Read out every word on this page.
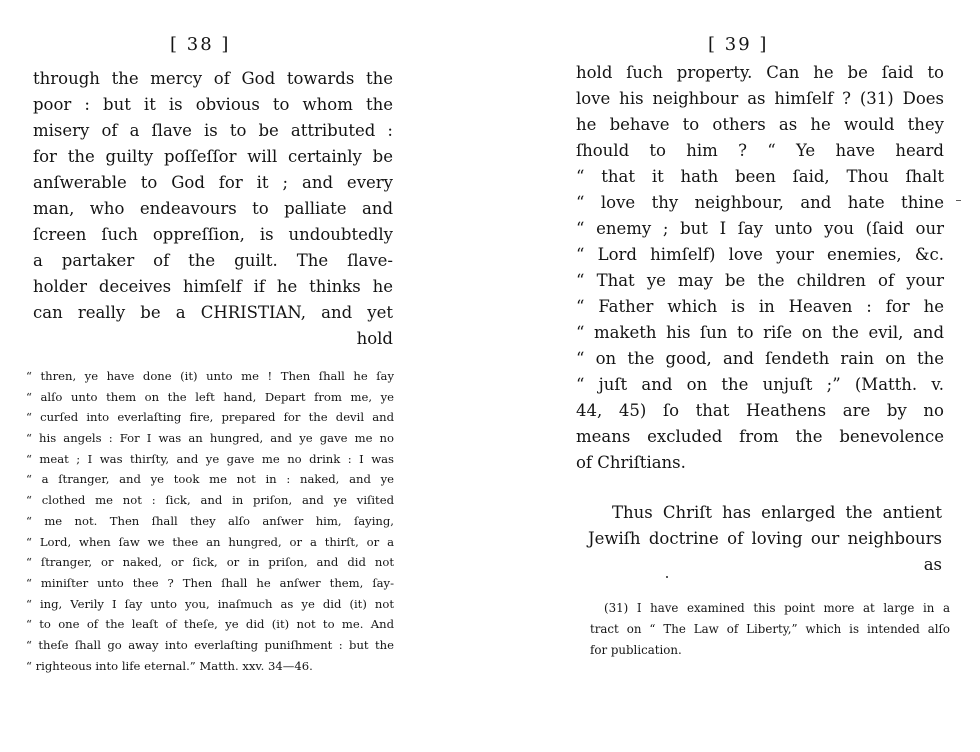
[ 38 ]
through the mercy of God towards the
poor : but it is obvious to whom the
misery of a ſlave is to be attributed :
for the guilty poſſeſſor will certainly be
anſwerable to God for it ; and every
man, who endeavours to palliate and
ſcreen ſuch oppreſſion, is undoubtedly
a partaker of the guilt. The ſlave-
holder deceives himſelf if he thinks he
can really be a CHRISTIAN, and yet
hold
“ thren, ye have done (it) unto me ! Then ſhall he ſay
“ alſo unto them on the left hand, Depart from me, ye
“ curſed into everlaſting fire, prepared for the devil and
“ his angels : For I was an hungred, and ye gave me no
“ meat ; I was thirſty, and ye gave me no drink : I was
“ a ſtranger, and ye took me not in : naked, and ye
“ clothed me not : ſick, and in priſon, and ye viſited
“ me not. Then ſhall they alſo anſwer him, ſaying,
“ Lord, when ſaw we thee an hungred, or a thirſt, or a
“ ſtranger, or naked, or ſick, or in priſon, and did not
“ miniſter unto thee ? Then ſhall he anſwer them, ſay-
“ ing, Verily I ſay unto you, inaſmuch as ye did (it) not
“ to one of the leaſt of theſe, ye did (it) not to me. And
“ theſe ſhall go away into everlaſting puniſhment : but the
“ righteous into life eternal.” Matth. xxv. 34—46.
[ 39 ]
hold ſuch property. Can he be ſaid to
love his neighbour as himſelf ? (31) Does
he behave to others as he would they
ſhould to him ? “ Ye have heard
“ that it hath been ſaid, Thou ſhalt
“ love thy neighbour, and hate thine
“ enemy ; but I ſay unto you (ſaid our
“ Lord himſelf) love your enemies, &c.
“ That ye may be the children of your
“ Father which is in Heaven : for he
“ maketh his ſun to riſe on the evil, and
“ on the good, and ſendeth rain on the
“ juſt and on the unjuſt ;” (Matth. v.
44, 45) ſo that Heathens are by no
means excluded from the benevolence
of Chriſtians.
Thus Chriſt has enlarged the antient
Jewiſh doctrine of loving our neighbours
as
(31) I have examined this point more at large in a
tract on “ The Law of Liberty,” which is intended alſo
for publication.
